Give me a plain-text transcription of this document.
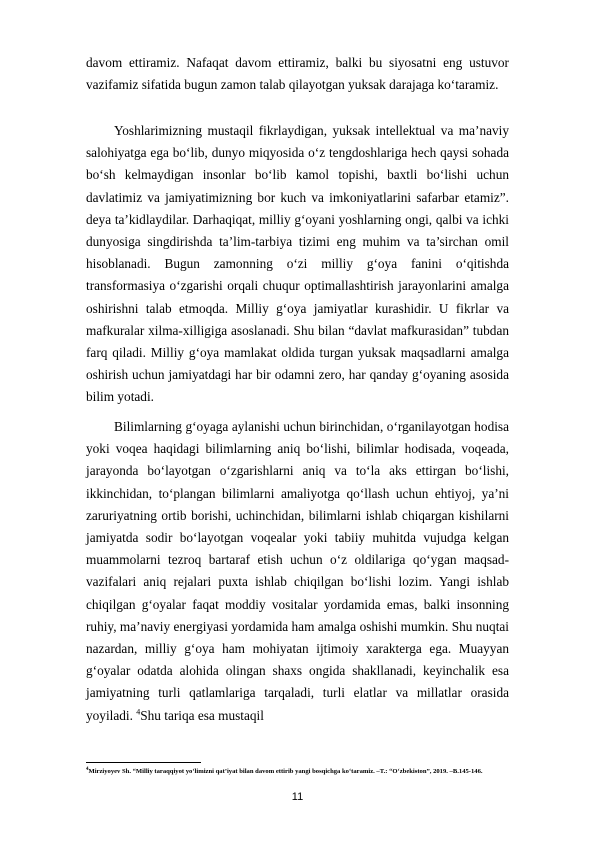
davom ettiramiz. Nafaqat davom ettiramiz, balki bu siyosatni eng ustuvor vazifamiz sifatida bugun zamon talab qilayotgan yuksak darajaga ko‘taramiz.

Yoshlarimizning mustaqil fikrlaydigan, yuksak intellektual va ma’naviy salohiyatga ega bo‘lib, dunyo miqyosida o‘z tengdoshlariga hech qaysi sohada bo‘sh kelmaydigan insonlar bo‘lib kamol topishi, baxtli bo‘lishi uchun davlatimiz va jamiyatimizning bor kuch va imkoniyatlarini safarbar etamiz”. deya ta’kidlaydilar. Darhaqiqat, milliy g‘oyani yoshlarning ongi, qalbi va ichki dunyosiga singdirishda ta’lim-tarbiya tizimi eng muhim va ta’sirchan omil hisoblanadi. Bugun zamonning o‘zi milliy g‘oya fanini o‘qitishda transformasiya o‘zgarishi orqali chuqur optimallashtirish jarayonlarini amalga oshirishni talab etmoqda. Milliy g‘oya jamiyatlar kurashidir. U fikrlar va mafkuralar xilma-xilligiga asoslanadi. Shu bilan “davlat mafkurasidan” tubdan farq qiladi. Milliy g‘oya mamlakat oldida turgan yuksak maqsadlarni amalga oshirish uchun jamiyatdagi har bir odamni zero, har qanday g‘oyaning asosida bilim yotadi.

Bilimlarning g‘oyaga aylanishi uchun birinchidan, o‘rganilayotgan hodisa yoki voqea haqidagi bilimlarning aniq bo‘lishi, bilimlar hodisada, voqeada, jarayonda bo‘layotgan o‘zgarishlarni aniq va to‘la aks ettirgan bo‘lishi, ikkinchidan, to‘plangan bilimlarni amaliyotga qo‘llash uchun ehtiyoj, ya’ni zaruriyatning ortib borishi, uchinchidan, bilimlarni ishlab chiqargan kishilarni jamiyatda sodir bo‘layotgan voqealar yoki tabiiy muhitda vujudga kelgan muammolarni tezroq bartaraf etish uchun o‘z oldilariga qo‘ygan maqsad-vazifalari aniq rejalari puxta ishlab chiqilgan bo‘lishi lozim. Yangi ishlab chiqilgan g‘oyalar faqat moddiy vositalar yordamida emas, balki insonning ruhiy, ma’naviy energiyasi yordamida ham amalga oshishi mumkin. Shu nuqtai nazardan, milliy g‘oya ham mohiyatan ijtimoiy xarakterga ega. Muayyan g‘oyalar odatda alohida olingan shaxs ongida shakllanadi, keyinchalik esa jamiyatning turli qatlamlariga tarqaladi, turli elatlar va millatlar orasida yoyiladi. $^4$Shu tariqa esa mustaqil

$^4$Mirziyoyev Sh. “Milliy taraqqiyot yo‘limizni qat’iyat bilan davom ettirib yangi bosqichga ko‘taramiz. –T.: “O‘zbekiston”, 2019. –B.145-146.
11
